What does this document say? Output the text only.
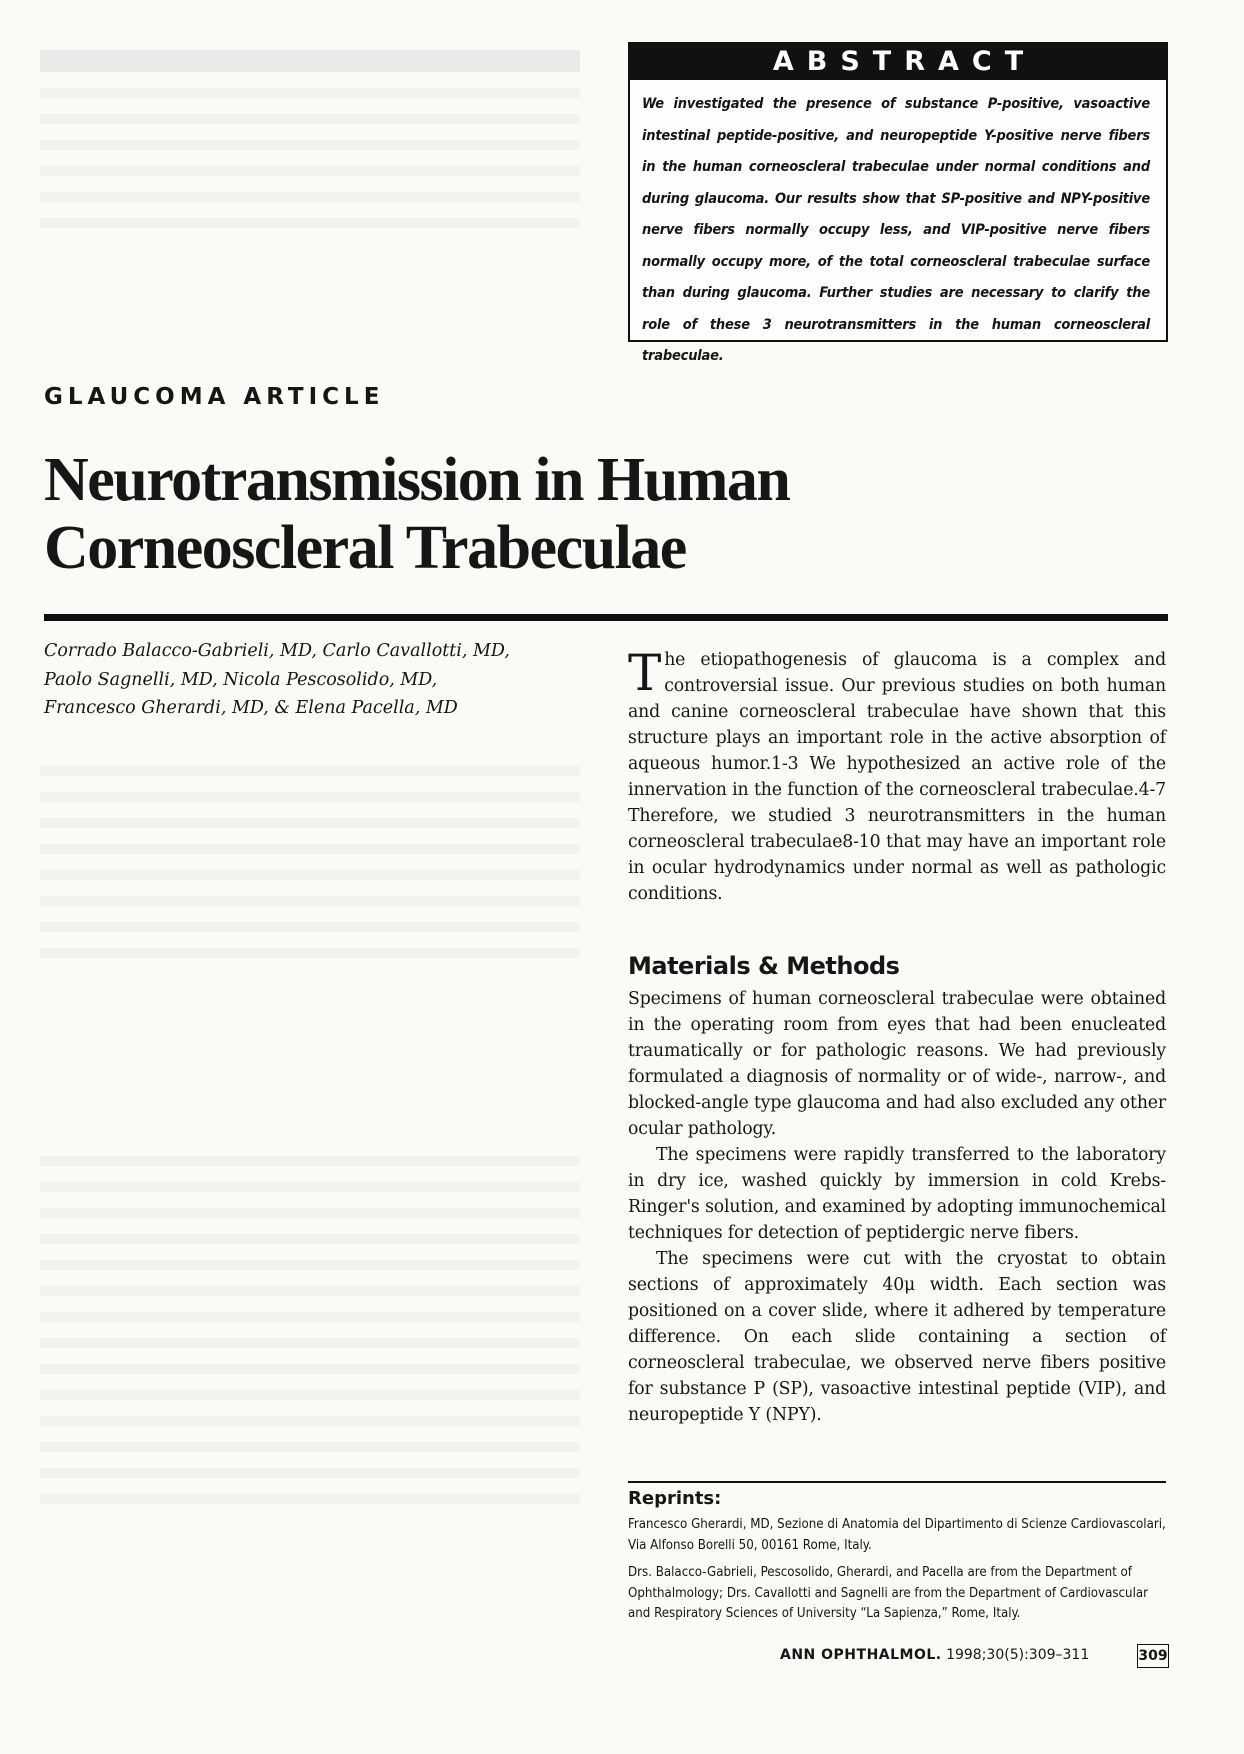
ABSTRACT
We investigated the presence of substance P-positive, vasoactive intestinal peptide-positive, and neuropeptide Y-positive nerve fibers in the human corneoscleral trabeculae under normal conditions and during glaucoma. Our results show that SP-positive and NPY-positive nerve fibers normally occupy less, and VIP-positive nerve fibers normally occupy more, of the total corneoscleral trabeculae surface than during glaucoma. Further studies are necessary to clarify the role of these 3 neurotransmitters in the human corneoscleral trabeculae.
GLAUCOMA ARTICLE
Neurotransmission in Human
Corneoscleral Trabeculae
Corrado Balacco-Gabrieli, MD, Carlo Cavallotti, MD,
Paolo Sagnelli, MD, Nicola Pescosolido, MD,
Francesco Gherardi, MD, & Elena Pacella, MD

The etiopathogenesis of glaucoma is a complex and controversial issue. Our previous studies on both human and canine corneoscleral trabeculae have shown that this structure plays an important role in the active absorption of aqueous humor.1-3 We hypothesized an active role of the innervation in the function of the corneoscleral trabeculae.4-7 Therefore, we studied 3 neurotransmitters in the human corneoscleral trabeculae8-10 that may have an important role in ocular hydrodynamics under normal as well as pathologic conditions.

Materials & Methods

Specimens of human corneoscleral trabeculae were obtained in the operating room from eyes that had been enucleated traumatically or for pathologic reasons. We had previously formulated a diagnosis of normality or of wide-, narrow-, and blocked-angle type glaucoma and had also excluded any other ocular pathology.

The specimens were rapidly transferred to the laboratory in dry ice, washed quickly by immersion in cold Krebs-Ringer's solution, and examined by adopting immunochemical techniques for detection of peptidergic nerve fibers.

The specimens were cut with the cryostat to obtain sections of approximately 40μ width. Each section was positioned on a cover slide, where it adhered by temperature difference. On each slide containing a section of corneoscleral trabeculae, we observed nerve fibers positive for substance P (SP), vasoactive intestinal peptide (VIP), and neuropeptide Y (NPY).

Reprints:
Francesco Gherardi, MD, Sezione di Anatomia del Dipartimento di Scienze Cardiovascolari, Via Alfonso Borelli 50, 00161 Rome, Italy.
Drs. Balacco-Gabrieli, Pescosolido, Gherardi, and Pacella are from the Department of Ophthalmology; Drs. Cavallotti and Sagnelli are from the Department of Cardiovascular and Respiratory Sciences of University “La Sapienza,” Rome, Italy.
ANN OPHTHALMOL. 1998;30(5):309–311	309
